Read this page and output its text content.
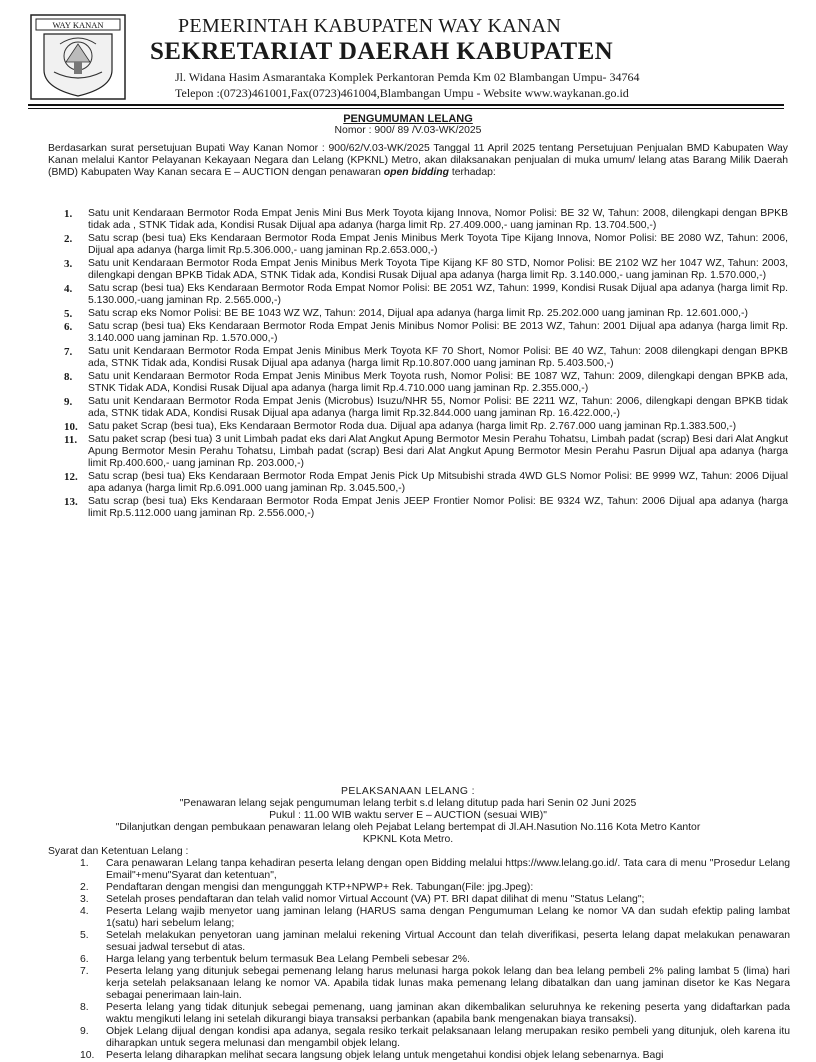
WAY KANAN	PEMERINTAH KABUPATEN WAY KANAN
SEKRETARIAT DAERAH KABUPATEN
Jl. Widana Hasim Asmarantaka Komplek Perkantoran Pemda Km 02 Blambangan Umpu- 34764
Telepon :(0723)461001,Fax(0723)461004,Blambangan Umpu - Website www.waykanan.go.id
PENGUMUMAN LELANG
Nomor : 900/ 89 /V.03-WK/2025
Berdasarkan surat persetujuan Bupati Way Kanan Nomor : 900/62/V.03-WK/2025 Tanggal 11 April 2025 tentang Persetujuan Penjualan BMD Kabupaten Way Kanan melalui Kantor Pelayanan Kekayaan Negara dan Lelang (KPKNL) Metro, akan dilaksanakan penjualan di muka umum/ lelang atas Barang Milik Daerah (BMD) Kabupaten Way Kanan secara E – AUCTION dengan penawaran open bidding terhadap:
1. Satu unit Kendaraan Bermotor Roda Empat Jenis Mini Bus Merk Toyota kijang Innova, Nomor Polisi: BE 32 W, Tahun: 2008, dilengkapi dengan BPKB tidak ada , STNK Tidak ada, Kondisi Rusak Dijual apa adanya (harga limit Rp. 27.409.000,- uang jaminan Rp. 13.704.500,-)
2. Satu scrap (besi tua) Eks Kendaraan Bermotor Roda Empat Jenis Minibus Merk Toyota Tipe Kijang Innova, Nomor Polisi: BE 2080 WZ, Tahun: 2006, Dijual apa adanya (harga limit Rp.5.306.000,- uang jaminan Rp.2.653.000,-)
3. Satu unit Kendaraan Bermotor Roda Empat Jenis Minibus Merk Toyota Tipe Kijang KF 80 STD, Nomor Polisi: BE 2102 WZ her 1047 WZ, Tahun: 2003, dilengkapi dengan BPKB Tidak ADA, STNK Tidak ada, Kondisi Rusak Dijual apa adanya (harga limit Rp. 3.140.000,- uang jaminan Rp. 1.570.000,-)
4. Satu scrap (besi tua) Eks Kendaraan Bermotor Roda Empat Nomor Polisi: BE 2051 WZ, Tahun: 1999, Kondisi Rusak Dijual apa adanya (harga limit Rp. 5.130.000,-uang jaminan Rp. 2.565.000,-)
5. Satu scrap eks Nomor Polisi: BE BE 1043 WZ WZ, Tahun: 2014, Dijual apa adanya (harga limit Rp. 25.202.000 uang jaminan Rp. 12.601.000,-)
6. Satu scrap (besi tua) Eks Kendaraan Bermotor Roda Empat Jenis Minibus Nomor Polisi: BE 2013 WZ, Tahun: 2001 Dijual apa adanya (harga limit Rp. 3.140.000 uang jaminan Rp. 1.570.000,-)
7. Satu unit Kendaraan Bermotor Roda Empat Jenis Minibus Merk Toyota KF 70 Short, Nomor Polisi: BE 40 WZ, Tahun: 2008 dilengkapi dengan BPKB ada, STNK Tidak ada, Kondisi Rusak Dijual apa adanya (harga limit Rp.10.807.000 uang jaminan Rp. 5.403.500,-)
8. Satu unit Kendaraan Bermotor Roda Empat Jenis Minibus Merk Toyota rush, Nomor Polisi: BE 1087 WZ, Tahun: 2009, dilengkapi dengan BPKB ada, STNK Tidak ADA, Kondisi Rusak Dijual apa adanya (harga limit Rp.4.710.000 uang jaminan Rp. 2.355.000,-)
9. Satu unit Kendaraan Bermotor Roda Empat Jenis (Microbus) Isuzu/NHR 55, Nomor Polisi: BE 2211 WZ, Tahun: 2006, dilengkapi dengan BPKB tidak ada, STNK tidak ADA, Kondisi Rusak Dijual apa adanya (harga limit Rp.32.844.000 uang jaminan Rp. 16.422.000,-)
10. Satu paket Scrap (besi tua), Eks Kendaraan Bermotor Roda dua. Dijual apa adanya (harga limit Rp. 2.767.000 uang jaminan Rp.1.383.500,-)
11. Satu paket scrap (besi tua) 3 unit Limbah padat eks dari Alat Angkut Apung Bermotor Mesin Perahu Tohatsu, Limbah padat (scrap) Besi dari Alat Angkut Apung Bermotor Mesin Perahu Tohatsu, Limbah padat (scrap) Besi dari Alat Angkut Apung Bermotor Mesin Perahu Pasrun Dijual apa adanya (harga limit Rp.400.600,- uang jaminan Rp. 203.000,-)
12. Satu scrap (besi tua) Eks Kendaraan Bermotor Roda Empat Jenis Pick Up Mitsubishi strada 4WD GLS Nomor Polisi: BE 9999 WZ, Tahun: 2006 Dijual apa adanya (harga limit Rp.6.091.000 uang jaminan Rp. 3.045.500,-)
13. Satu scrap (besi tua) Eks Kendaraan Bermotor Roda Empat Jenis JEEP Frontier Nomor Polisi: BE 9324 WZ, Tahun: 2006 Dijual apa adanya (harga limit Rp.5.112.000 uang jaminan Rp. 2.556.000,-)
PELAKSANAAN LELANG :
"Penawaran lelang sejak pengumuman lelang terbit s.d lelang ditutup pada hari Senin 02 Juni 2025
Pukul : 11.00 WIB waktu server E – AUCTION (sesuai WIB)"
"Dilanjutkan dengan pembukaan penawaran lelang oleh Pejabat Lelang bertempat di Jl.AH.Nasution No.116 Kota Metro Kantor KPKNL Kota Metro.
Syarat dan Ketentuan Lelang :
1. Cara penawaran Lelang tanpa kehadiran peserta lelang dengan open Bidding melalui https://www.lelang.go.id/. Tata cara di menu "Prosedur Lelang Email"+menu"Syarat dan ketentuan",
2. Pendaftaran dengan mengisi dan mengunggah KTP+NPWP+ Rek. Tabungan(File: jpg.Jpeg):
3. Setelah proses pendaftaran dan telah valid nomor Virtual Account (VA) PT. BRI dapat dilihat di menu "Status Lelang";
4. Peserta Lelang wajib menyetor uang jaminan lelang (HARUS sama dengan Pengumuman Lelang ke nomor VA dan sudah efektip paling lambat 1(satu) hari sebelum lelang;
5. Setelah melakukan penyetoran uang jaminan melalui rekening Virtual Account dan telah diverifikasi, peserta lelang dapat melakukan penawaran sesuai jadwal tersebut di atas.
6. Harga lelang yang terbentuk belum termasuk Bea Lelang Pembeli sebesar 2%.
7. Peserta lelang yang ditunjuk sebegai pemenang lelang harus melunasi harga pokok lelang dan bea lelang pembeli 2% paling lambat 5 (lima) hari kerja setelah pelaksanaan lelang ke nomor VA. Apabila tidak lunas maka pemenang lelang dibatalkan dan uang jaminan disetor ke Kas Negara sebagai penerimaan lain-lain.
8. Peserta lelang yang tidak ditunjuk sebegai pemenang, uang jaminan akan dikembalikan seluruhnya ke rekening peserta yang didaftarkan pada waktu mengikuti lelang ini setelah dikurangi biaya transaksi perbankan (apabila bank mengenakan biaya transaksi).
9. Objek Lelang dijual dengan kondisi apa adanya, segala resiko terkait pelaksanaan lelang merupakan resiko pembeli yang ditunjuk, oleh karena itu diharapkan untuk segera melunasi dan mengambil objek lelang.
10. Peserta lelang diharapkan melihat secara langsung objek lelang untuk mengetahui kondisi objek lelang sebenarnya. Bagi
